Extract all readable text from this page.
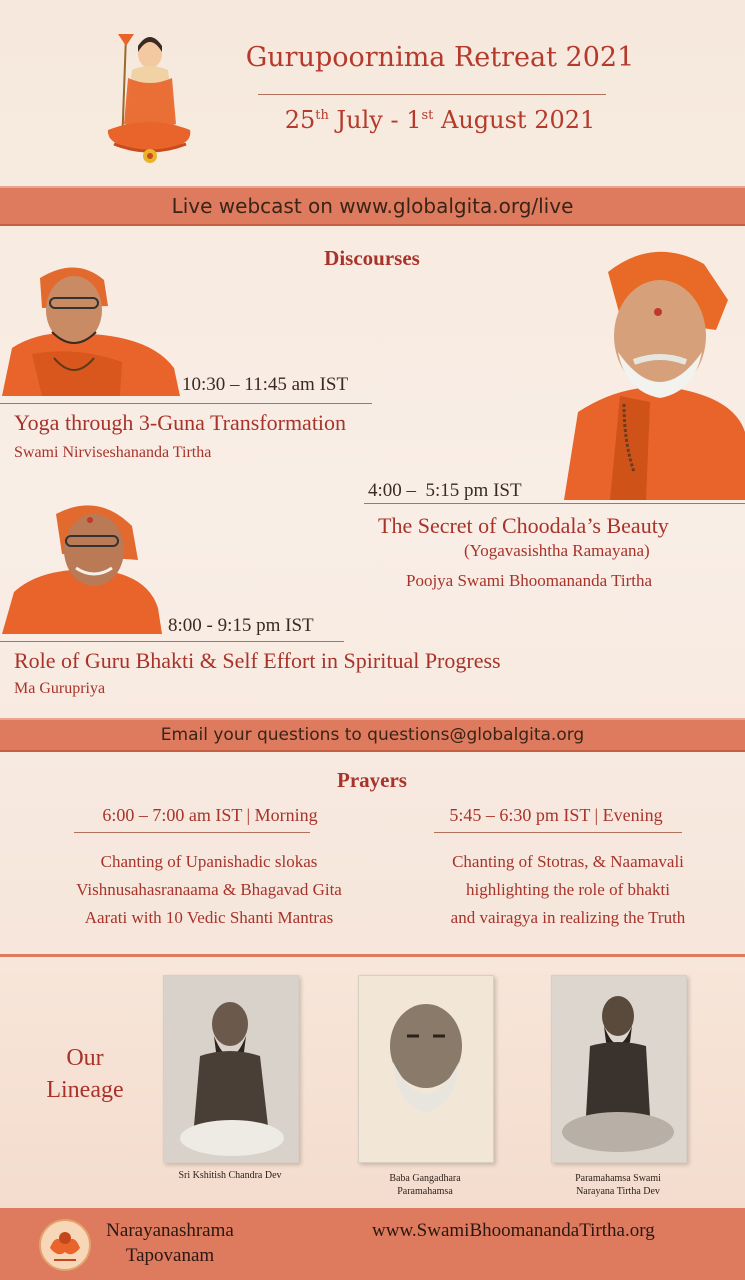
Gurupoornima Retreat 2021
25th July - 1st August 2021
Live webcast on www.globalgita.org/live
Discourses
10:30 – 11:45 am IST
Yoga through 3-Guna Transformation
Swami Nirviseshananda Tirtha
4:00 –  5:15 pm IST
The Secret of Choodala’s Beauty
(Yogavasishtha Ramayana)
Poojya Swami Bhoomananda Tirtha
8:00 - 9:15 pm IST
Role of Guru Bhakti & Self Effort in Spiritual Progress
Ma Gurupriya
Email your questions to questions@globalgita.org
Prayers
6:00 – 7:00 am IST | Morning
Chanting of Upanishadic slokas
Vishnusahasranaama & Bhagavad Gita
Aarati with 10 Vedic Shanti Mantras
5:45 – 6:30 pm IST | Evening
Chanting of Stotras, & Naamavali
highlighting the role of bhakti
and vairagya in realizing the Truth
Our
Lineage
Sri Kshitish Chandra Dev	Baba Gangadhara
Paramahamsa
Paramahamsa Swami
Narayana Tirtha Dev
Narayanashrama
Tapovanam
www.SwamiBhoomanandaTirtha.org
